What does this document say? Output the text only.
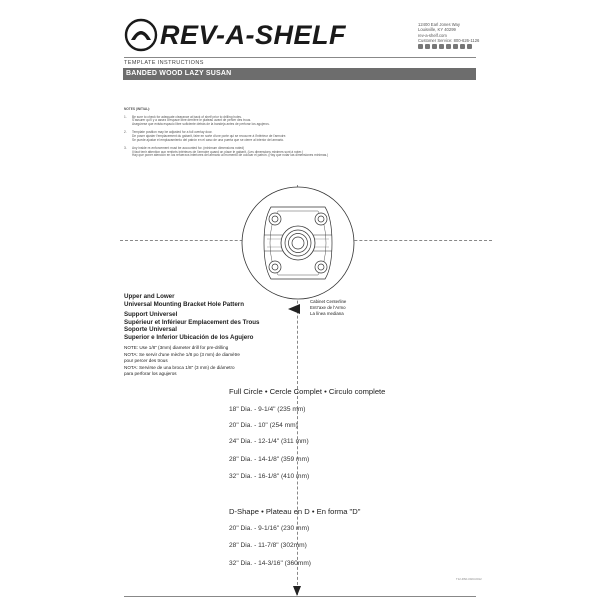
REV-A-SHELF	12400 Earl Jones Way
Louisville, KY 40299
rev-a-shelf.com
Customer Service: 800-626-1126
TEMPLATE INSTRUCTIONS
BANDED WOOD LAZY SUSAN
NOTES (INITIAL):
1. Be sure to check for adequate clearance at back of shelf prior to drilling holes.
S'assurer qu'il y a assez d'espace libre derrière le plateau avant de percer des trous.
Asegúrese que exista espacio libre suficiente detrás de la bandeja antes de perforar los agujeros.
2. Template position may be adjusted for a full overlay door.
De poser ajuster l'emplacement du gabarit, faire en sorte d'une porte qui se recouvre à l'intérieur de l'armoire.
Se puede ajustar el emplazamiento del patrón en el caso de una puerta que se cierre al interior del armario.
3. Any inside re-enforcement must be accounted for. (minimum dimensions noted)
Il faut tenir attention aux renforts intérieurs de l'armoire quand on place le gabarit. (Les dimensions minimes sont à noter.)
Hay que poner atención en los refuerzos interiores del armario al momento de colocar el patrón. (Hay que notar las dimensiones mínimas.)
Upper and Lower
Universal Mounting Bracket Hole Pattern
Support Universel
Supérieur et Inférieur Emplacement des Trous
Soporte Universal
Superior e Inferior Ubicación de los Agujero
NOTE: Use 1/8" (3mm) diameter drill for pre-drilling
NOTA: Se servir d'une mèche 1/8 po (3 mm) de diamètre
pour percer des trous
NOTA: Servirse de una broca 1/8" (3 mm) de diámetro
para perforar los agujeros
Cabinet Centerline
Entr'axe de l'Armo
La línea mediana
Full Circle • Cercle Complet • Circulo complete
18" Dia. - 9-1/4" (235 mm)
20" Dia. - 10" (254 mm)
24" Dia. - 12-1/4" (311 mm)
28" Dia. - 14-1/8" (359 mm)
32" Dia. - 16-1/8" (410 mm)
D-Shape • Plateau en D • En forma "D"
20" Dia. - 9-1/16" (230 mm)
28" Dia. - 11-7/8" (302mm)
32" Dia. - 14-3/16" (360mm)
T12-RSF-0023-0012
